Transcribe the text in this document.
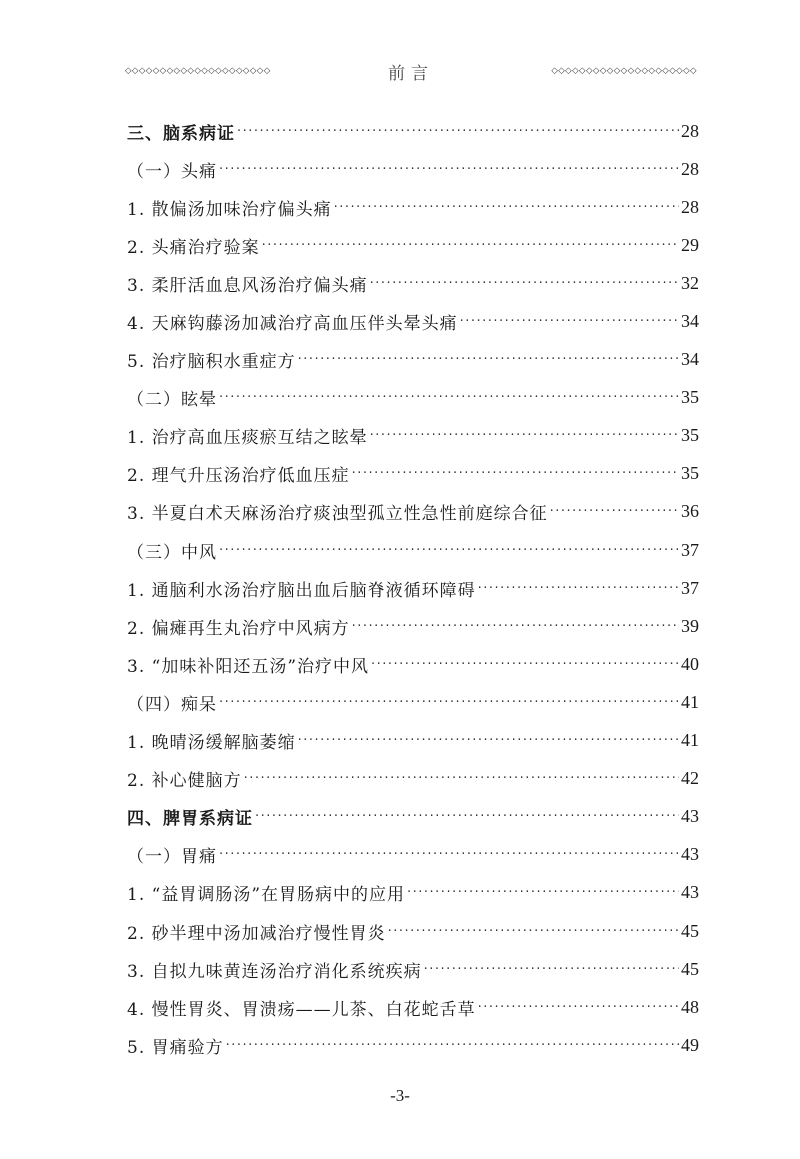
◇◇◇◇◇◇◇◇◇◇◇◇◇◇◇◇◇◇◇◇◇	前言	◇◇◇◇◇◇◇◇◇◇◇◇◇◇◇◇◇◇◇◇◇
三、脑系病证 ·····	28
（一）头痛 ·····	28
1. 散偏汤加味治疗偏头痛 ·····	28
2. 头痛治疗验案 ·····	29
3. 柔肝活血息风汤治疗偏头痛 ·····	32
4. 天麻钩藤汤加减治疗高血压伴头晕头痛 ·····	34
5. 治疗脑积水重症方 ·····	34
（二）眩晕 ·····	35
1. 治疗高血压痰瘀互结之眩晕 ·····	35
2. 理气升压汤治疗低血压症 ·····	35
3. 半夏白术天麻汤治疗痰浊型孤立性急性前庭综合征 ·····	36
（三）中风 ·····	37
1. 通脑利水汤治疗脑出血后脑脊液循环障碍 ·····	37
2. 偏瘫再生丸治疗中风病方 ·····	39
3. “加味补阳还五汤”治疗中风 ·····	40
（四）痴呆 ·····	41
1. 晚晴汤缓解脑萎缩 ·····	41
2. 补心健脑方 ·····	42
四、脾胃系病证 ·····	43
（一）胃痛 ·····	43
1. “益胃调肠汤”在胃肠病中的应用 ·····	43
2. 砂半理中汤加减治疗慢性胃炎 ·····	45
3. 自拟九味黄连汤治疗消化系统疾病 ·····	45
4. 慢性胃炎、胃溃疡——儿茶、白花蛇舌草 ·····	48
5. 胃痛验方 ·····	49
-3-
